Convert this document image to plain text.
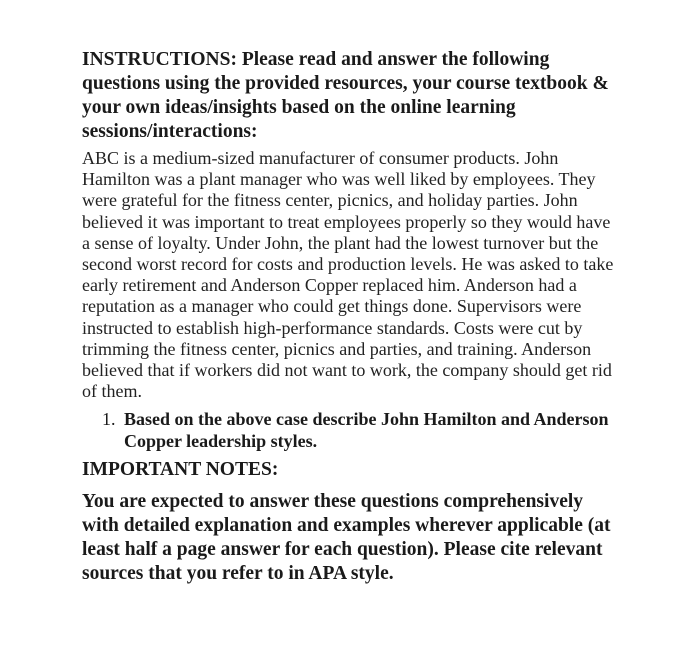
INSTRUCTIONS: Please read and answer the following questions using the provided resources, your course textbook & your own ideas/insights based on the online learning sessions/interactions:

ABC is a medium-sized manufacturer of consumer products. John Hamilton was a plant manager who was well liked by employees. They were grateful for the fitness center, picnics, and holiday parties. John believed it was important to treat employees properly so they would have a sense of loyalty. Under John, the plant had the lowest turnover but the second worst record for costs and production levels. He was asked to take early retirement and Anderson Copper replaced him. Anderson had a reputation as a manager who could get things done. Supervisors were instructed to establish high-performance standards. Costs were cut by trimming the fitness center, picnics and parties, and training. Anderson believed that if workers did not want to work, the company should get rid of them.

1. Based on the above case describe John Hamilton and Anderson Copper leadership styles.

IMPORTANT NOTES:

You are expected to answer these questions comprehensively with detailed explanation and examples wherever applicable (at least half a page answer for each question). Please cite relevant sources that you refer to in APA style.
